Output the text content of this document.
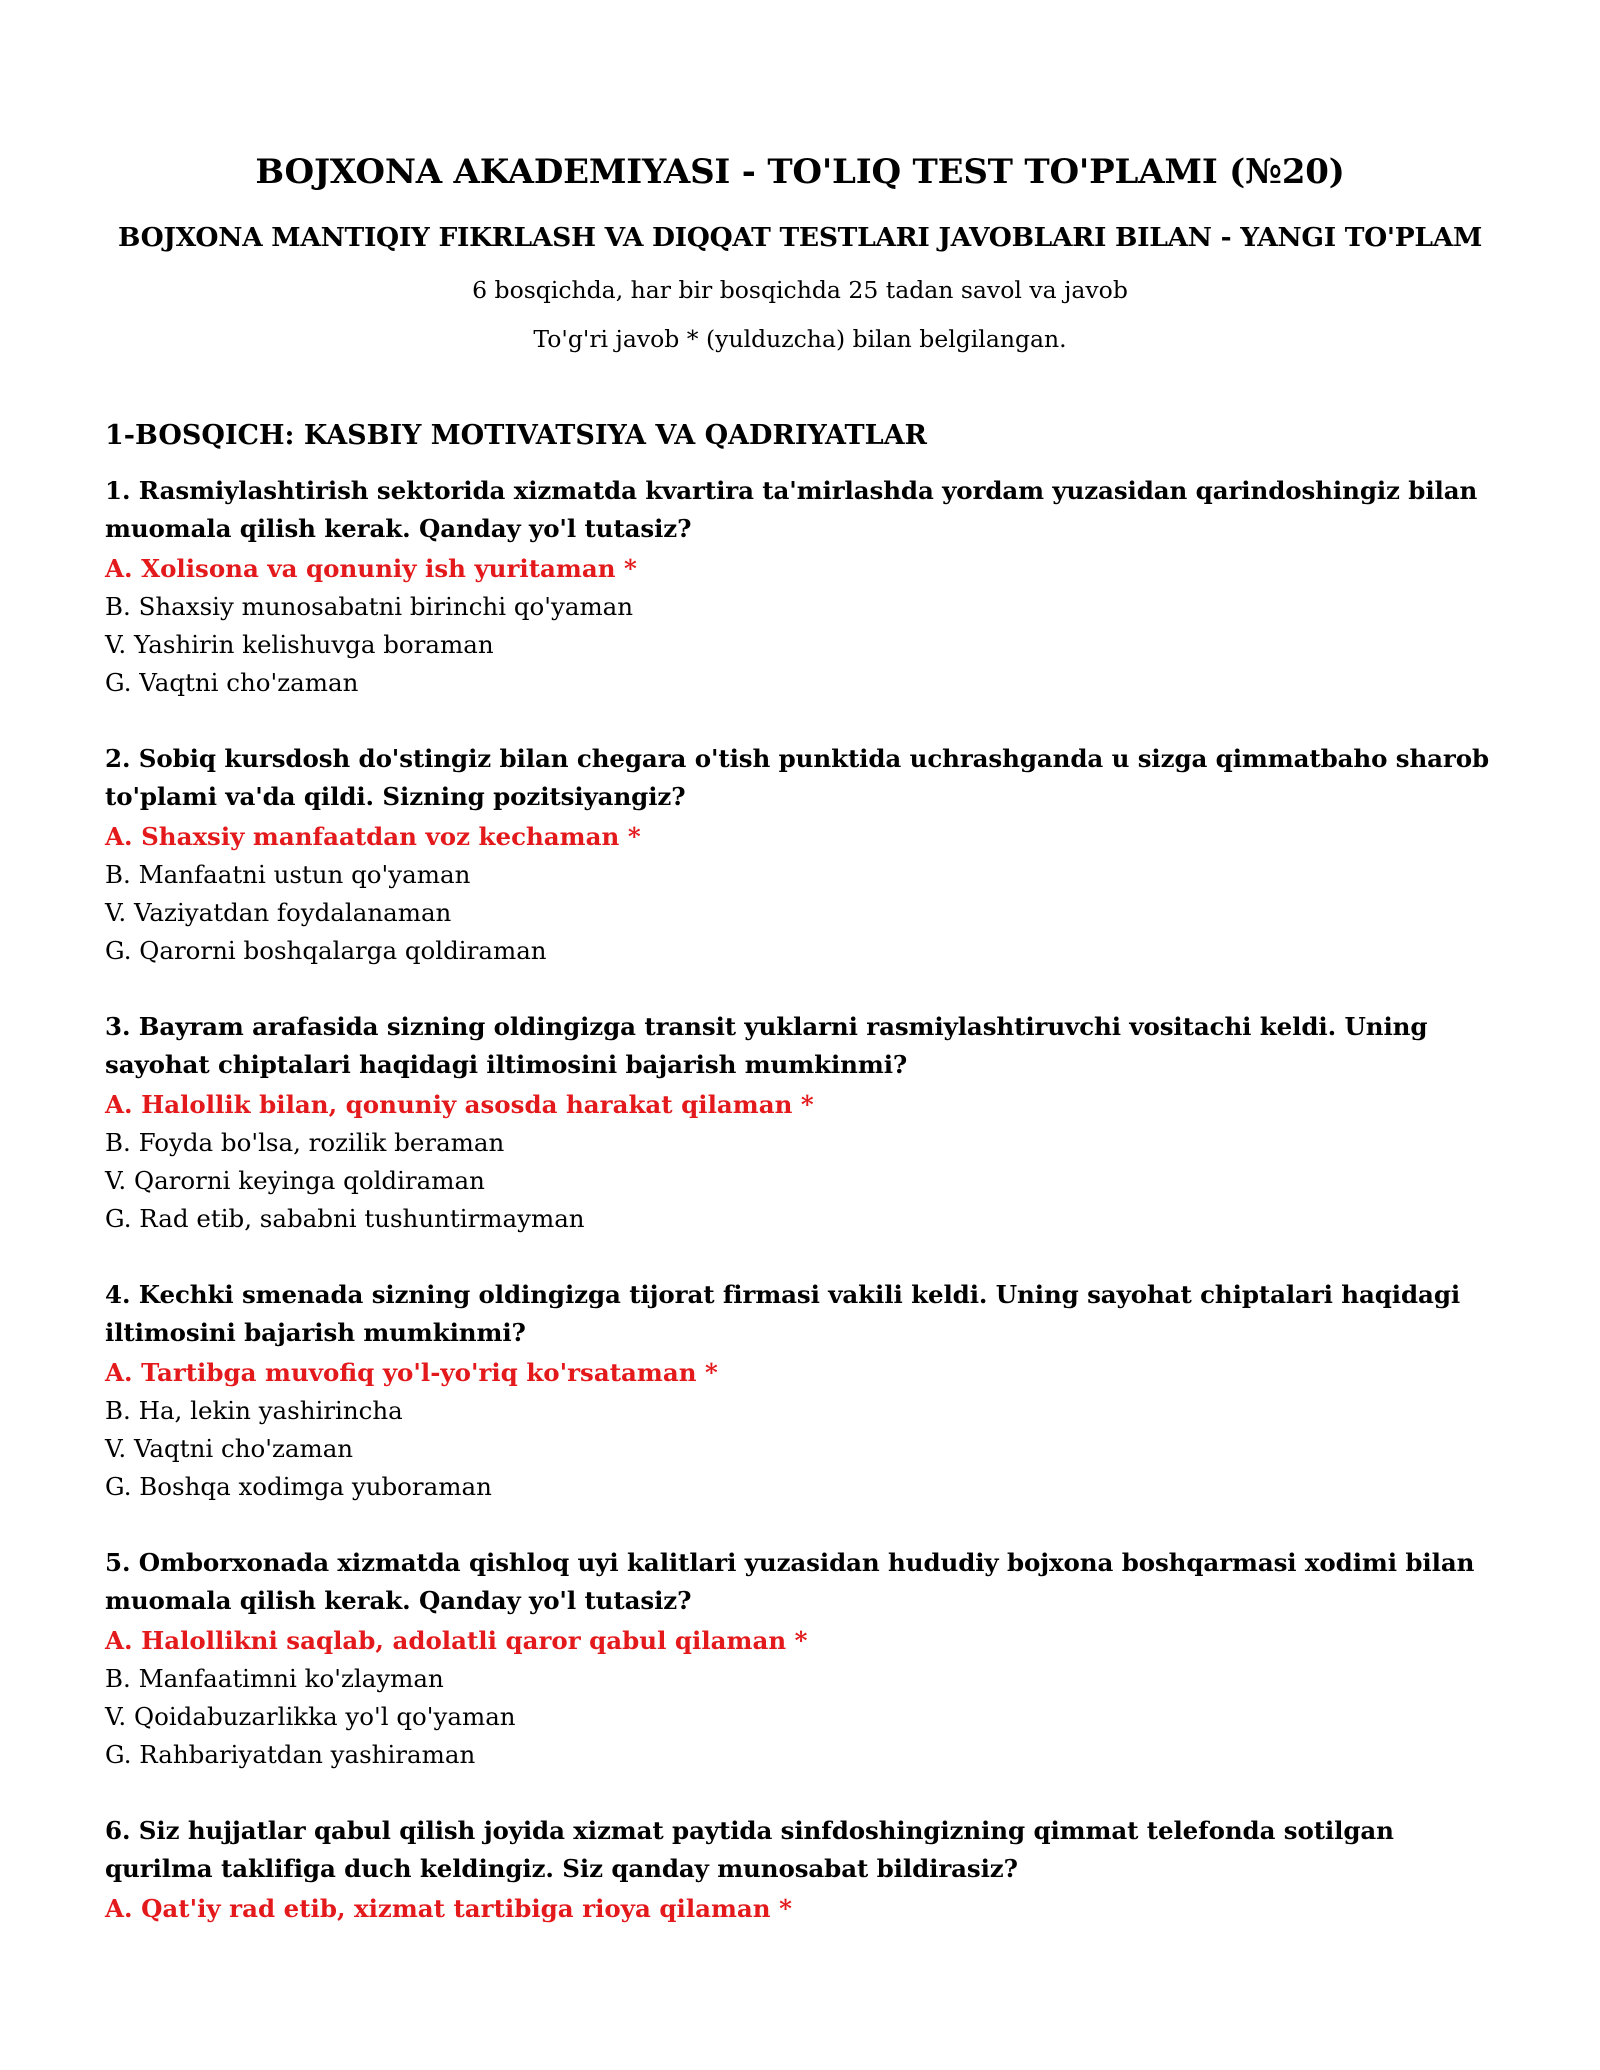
BOJXONA AKADEMIYASI - TO'LIQ TEST TO'PLAMI (№20)
BOJXONA MANTIQIY FIKRLASH VA DIQQAT TESTLARI JAVOBLARI BILAN - YANGI TO'PLAM
6 bosqichda, har bir bosqichda 25 tadan savol va javob
To'g'ri javob * (yulduzcha) bilan belgilangan.
1-BOSQICH: KASBIY MOTIVATSIYA VA QADRIYATLAR
1. Rasmiylashtirish sektorida xizmatda kvartira ta'mirlashda yordam yuzasidan qarindoshingiz bilan muomala qilish kerak. Qanday yo'l tutasiz?
A. Xolisona va qonuniy ish yuritaman *
B. Shaxsiy munosabatni birinchi qo'yaman
V. Yashirin kelishuvga boraman
G. Vaqtni cho'zaman
2. Sobiq kursdosh do'stingiz bilan chegara o'tish punktida uchrashganda u sizga qimmatbaho sharob to'plami va'da qildi. Sizning pozitsiyangiz?
A. Shaxsiy manfaatdan voz kechaman *
B. Manfaatni ustun qo'yaman
V. Vaziyatdan foydalanaman
G. Qarorni boshqalarga qoldiraman
3. Bayram arafasida sizning oldingizga transit yuklarni rasmiylashtiruvchi vositachi keldi. Uning sayohat chiptalari haqidagi iltimosini bajarish mumkinmi?
A. Halollik bilan, qonuniy asosda harakat qilaman *
B. Foyda bo'lsa, rozilik beraman
V. Qarorni keyinga qoldiraman
G. Rad etib, sababni tushuntirmayman
4. Kechki smenada sizning oldingizga tijorat firmasi vakili keldi. Uning sayohat chiptalari haqidagi iltimosini bajarish mumkinmi?
A. Tartibga muvofiq yo'l-yo'riq ko'rsataman *
B. Ha, lekin yashirincha
V. Vaqtni cho'zaman
G. Boshqa xodimga yuboraman
5. Omborxonada xizmatda qishloq uyi kalitlari yuzasidan hududiy bojxona boshqarmasi xodimi bilan muomala qilish kerak. Qanday yo'l tutasiz?
A. Halollikni saqlab, adolatli qaror qabul qilaman *
B. Manfaatimni ko'zlayman
V. Qoidabuzarlikka yo'l qo'yaman
G. Rahbariyatdan yashiraman
6. Siz hujjatlar qabul qilish joyida xizmat paytida sinfdoshingizning qimmat telefonda sotilgan qurilma taklifiga duch keldingiz. Siz qanday munosabat bildirasiz?
A. Qat'iy rad etib, xizmat tartibiga rioya qilaman *
